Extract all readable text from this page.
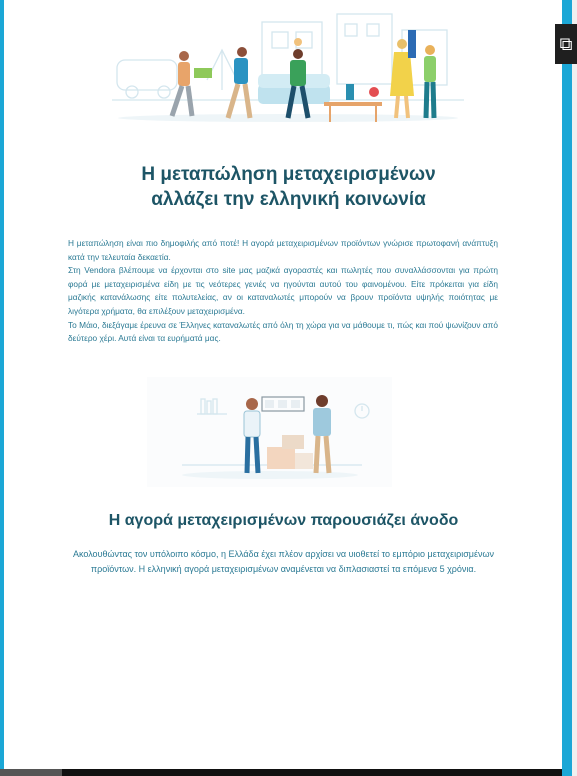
⧉
Η μεταπώληση μεταχειρισμένων
αλλάζει την ελληνική κοινωνία

Η μεταπώληση είναι πιο δημοφιλής από ποτέ! Η αγορά μεταχειρισμένων προϊόντων γνώρισε πρωτοφανή ανάπτυξη κατά την τελευταία δεκαετία.

Στη Vendora βλέπουμε να έρχονται στο site μας μαζικά αγοραστές και πωλητές που συναλλάσσονται για πρώτη φορά με μεταχειρισμένα είδη με τις νεότερες γενιές να ηγούνται αυτού του φαινομένου. Είτε πρόκειται για είδη μαζικής κατανάλωσης είτε πολυτελείας, αν οι καταναλωτές μπορούν να βρουν προϊόντα υψηλής ποιότητας με λιγότερα χρήματα, θα επιλέξουν μεταχειρισμένα.

Το Μάιο, διεξάγαμε έρευνα σε Έλληνες καταναλωτές από όλη τη χώρα για να μάθουμε τι, πώς και πού ψωνίζουν από δεύτερο χέρι. Αυτά είναι τα ευρήματά μας.

Η αγορά μεταχειρισμένων παρουσιάζει άνοδο
Ακολουθώντας τον υπόλοιπο κόσμο, η Ελλάδα έχει πλέον αρχίσει να υιοθετεί το εμπόριο μεταχειρισμένων προϊόντων. Η ελληνική αγορά μεταχειρισμένων αναμένεται να διπλασιαστεί τα επόμενα 5 χρόνια.
